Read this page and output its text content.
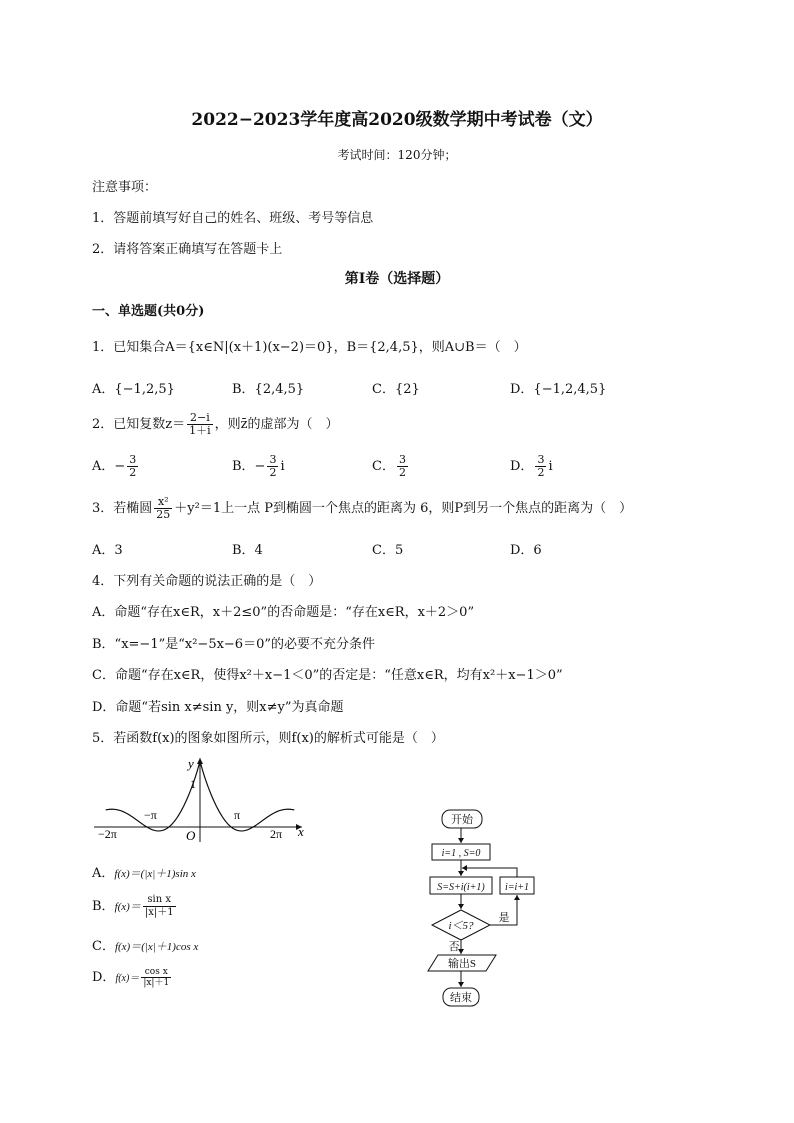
2022−2023学年度高2020级数学期中考试卷（文）
考试时间：120分钟；
注意事项：
1．答题前填写好自己的姓名、班级、考号等信息
2．请将答案正确填写在答题卡上
第I卷（选择题）
一、单选题(共0分)
1．已知集合A＝{x∈N|(x＋1)(x−2)＝0}，B＝{2,4,5}，则A∪B＝（　）
A．{−1,2,5}	B．{2,4,5}	C．{2}	D．{−1,2,4,5}
2．已知复数$z= \frac{2-i}{1+i}$ ，则z̄的虚部为（　）
A．− $\frac{3}{2}$	B．− $\frac{3}{2}$ i	C． $\frac{3}{2}$	D． $\frac{3}{2}$ i
3．若椭圆 $\frac{\text{x²}}{25} +y^2=1$上一点 P到椭圆一个焦点的距离为 6，则P到另一个焦点的距离为（　）
A．3	B．4	C．5	D．6
4．下列有关命题的说法正确的是（　）
A．命题“存在x∈R，x＋2≤0”的否命题是：“存在x∈R，x＋2＞0”
B．“x=−1”是“x²−5x−6＝0”的必要不充分条件
C．命题“存在x∈R，使得x²＋x−1＜0”的否定是：“任意x∈R，均有x²＋x−1＞0”
D．命题“若sin x≠sin y，则x≠y”为真命题
5．若函数f(x)的图象如图所示，则f(x)的解析式可能是（　）
y
x
1
O
−π	π
−2π	2π
A．f(x)＝(|x|＋1)sin x
B．$f(x)= \frac{\text{sin x}}{|x|+1}$
C．f(x)＝(|x|＋1)cos x
D．$f(x)= \frac{\text{cos x}}{|x|+1}$
开始
i=1 , S=0
S=S+i(i+1) i=i+1
i＜5?
是
否
输出S
结束
